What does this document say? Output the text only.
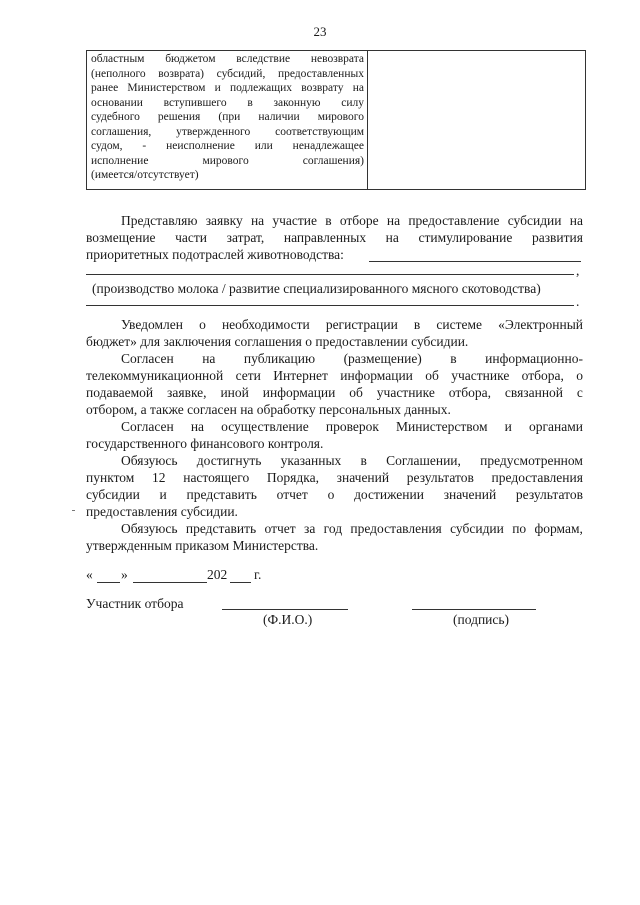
23
областным бюджетом вследствие невозврата
(неполного возврата) субсидий, предоставленных
ранее Министерством и подлежащих возврату на
основании вступившего в законную силу
судебного решения (при наличии мирового
соглашения, утвержденного соответствующим
судом, - неисполнение или ненадлежащее
исполнение	мирового	соглашения)
(имеется/отсутствует)
Представляю заявку на участие в отборе на предоставление субсидии на
возмещение части затрат, направленных на стимулирование развития
приоритетных подотраслей животноводства:
,
(производство молока / развитие специализированного мясного скотоводства)
.
Уведомлен о необходимости регистрации в системе «Электронный
бюджет» для заключения соглашения о предоставлении субсидии.
Согласен на публикацию (размещение) в информационно-
телекоммуникационной сети Интернет информации об участнике отбора, о
подаваемой заявке, иной информации об участнике отбора, связанной с
отбором, а также согласен на обработку персональных данных.
Согласен на осуществление проверок Министерством и органами
государственного финансового контроля.
Обязуюсь достигнуть указанных в Соглашении, предусмотренном
пунктом 12 настоящего Порядка, значений результатов предоставления
субсидии и представить отчет о достижении значений результатов
предоставления субсидии.
Обязуюсь представить отчет за год предоставления субсидии по формам,
утвержденным приказом Министерства.
« »	202 г.
Участник отбора
(Ф.И.О.)	(подпись)
